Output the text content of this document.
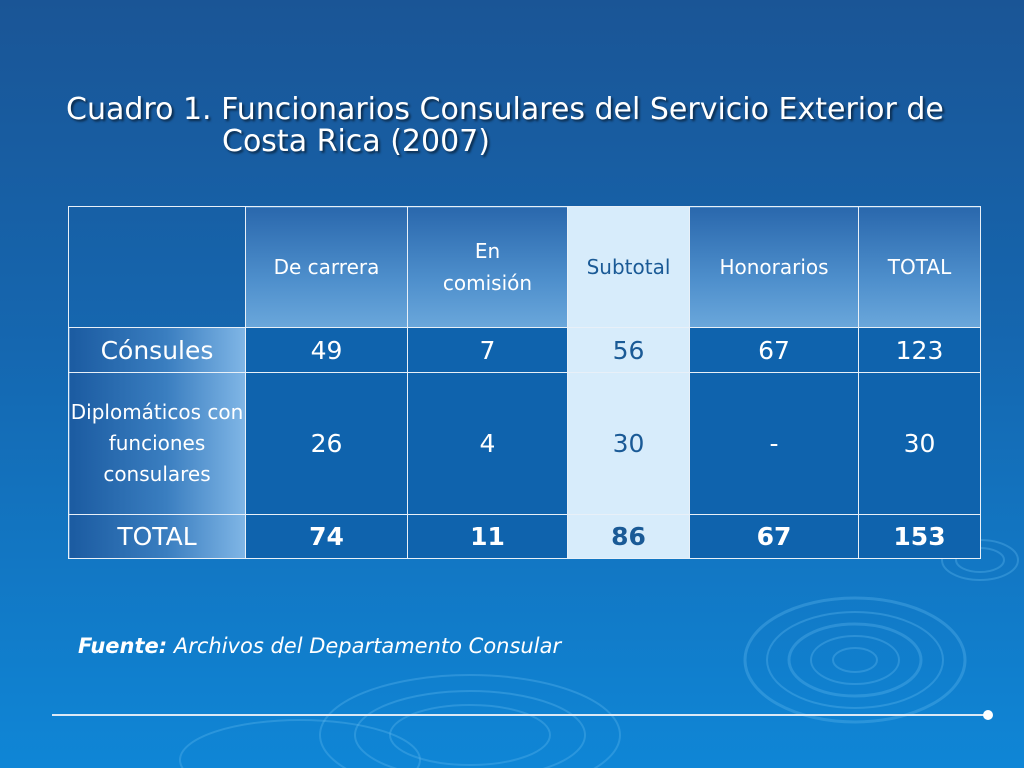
Cuadro 1. Funcionarios Consulares del Servicio Exterior de
Costa Rica (2007)
	De carrera	En comisión	Subtotal	Honorarios	TOTAL
Cónsules	49	7	56	67	123
Diplomáticos con funciones consulares	26	4	30	-	30
TOTAL	74	11	86	67	153
Fuente: Archivos del Departamento Consular
